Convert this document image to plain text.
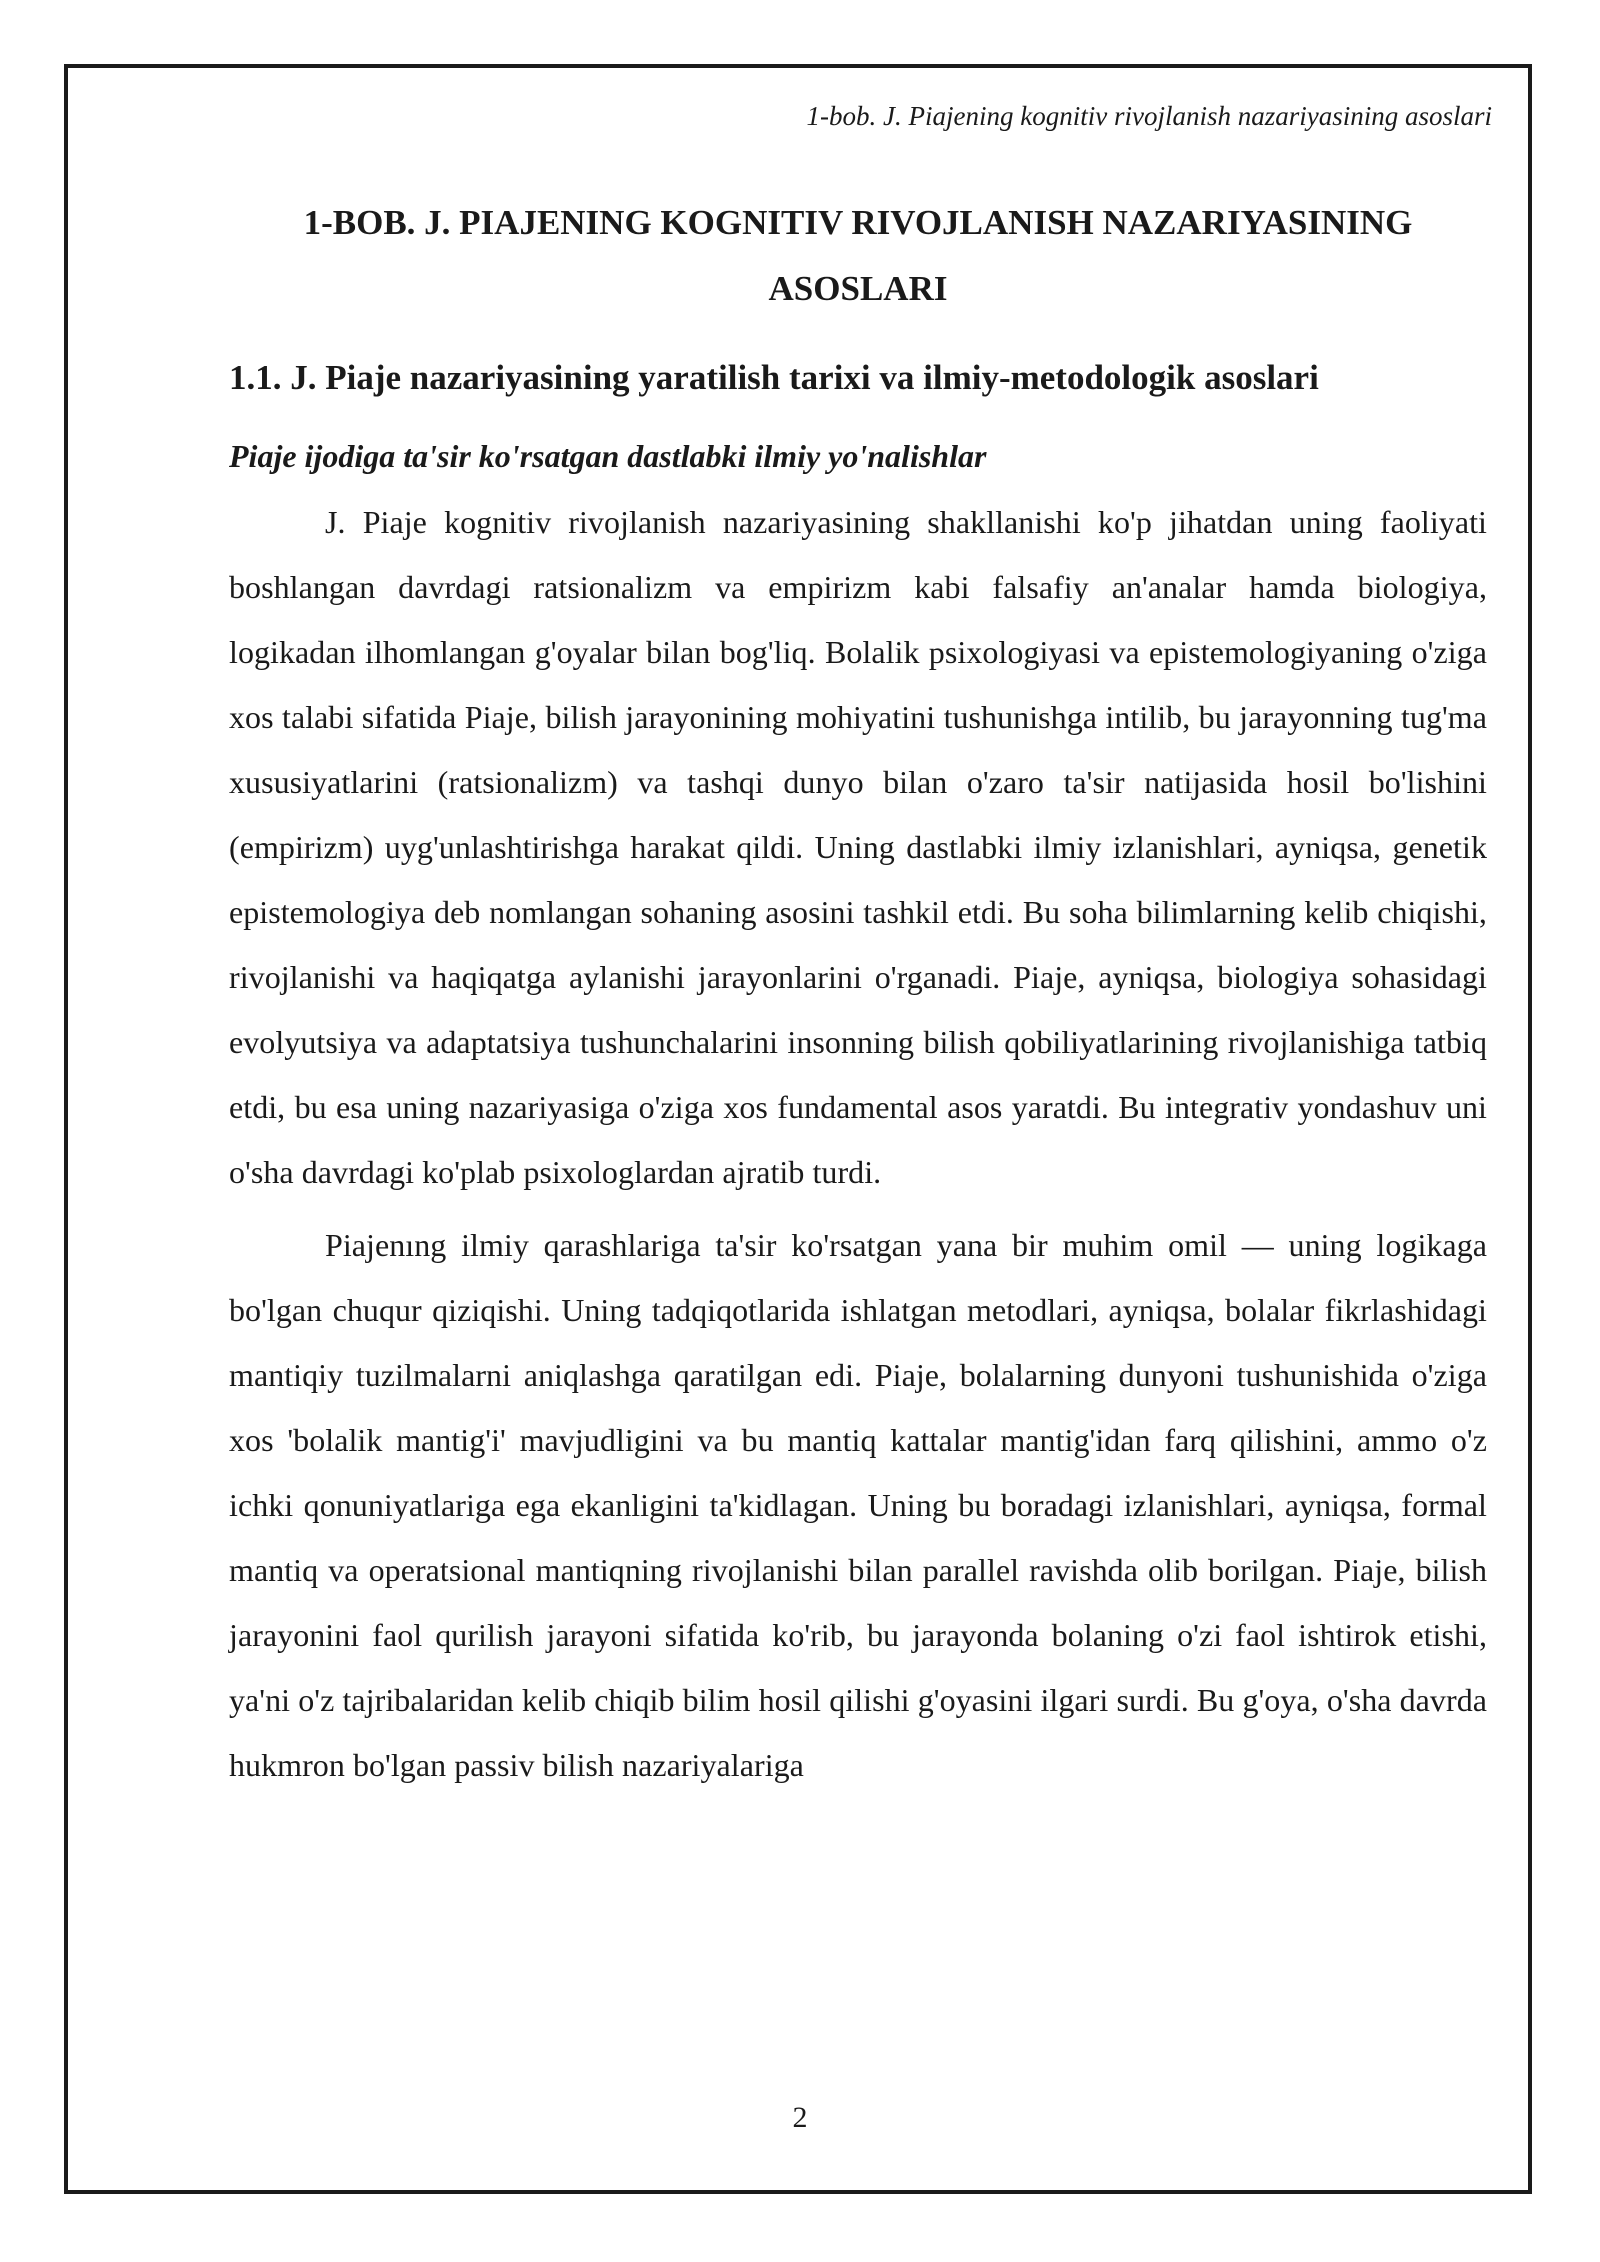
1-bob. J. Piajening kognitiv rivojlanish nazariyasining asoslari
1-BOB. J. PIAJENING KOGNITIV RIVOJLANISH NAZARIYASINING ASOSLARI
1.1. J. Piaje nazariyasining yaratilish tarixi va ilmiy-metodologik asoslari
Piaje ijodiga ta'sir ko'rsatgan dastlabki ilmiy yo'nalishlar

J. Piaje kognitiv rivojlanish nazariyasining shakllanishi ko'p jihatdan uning faoliyati boshlangan davrdagi ratsionalizm va empirizm kabi falsafiy an'analar hamda biologiya, logikadan ilhomlangan g'oyalar bilan bog'liq. Bolalik psixologiyasi va epistemologiyaning o'ziga xos talabi sifatida Piaje, bilish jarayonining mohiyatini tushunishga intilib, bu jarayonning tug'ma xususiyatlarini (ratsionalizm) va tashqi dunyo bilan o'zaro ta'sir natijasida hosil bo'lishini (empirizm) uyg'unlashtirishga harakat qildi. Uning dastlabki ilmiy izlanishlari, ayniqsa, genetik epistemologiya deb nomlangan sohaning asosini tashkil etdi. Bu soha bilimlarning kelib chiqishi, rivojlanishi va haqiqatga aylanishi jarayonlarini o'rganadi. Piaje, ayniqsa, biologiya sohasidagi evolyutsiya va adaptatsiya tushunchalarini insonning bilish qobiliyatlarining rivojlanishiga tatbiq etdi, bu esa uning nazariyasiga o'ziga xos fundamental asos yaratdi. Bu integrativ yondashuv uni o'sha davrdagi ko'plab psixologlardan ajratib turdi.

Piajenıng ilmiy qarashlariga ta'sir ko'rsatgan yana bir muhim omil — uning logikaga bo'lgan chuqur qiziqishi. Uning tadqiqotlarida ishlatgan metodlari, ayniqsa, bolalar fikrlashidagi mantiqiy tuzilmalarni aniqlashga qaratilgan edi. Piaje, bolalarning dunyoni tushunishida o'ziga xos 'bolalik mantig'i' mavjudligini va bu mantiq kattalar mantig'idan farq qilishini, ammo o'z ichki qonuniyatlariga ega ekanligini ta'kidlagan. Uning bu boradagi izlanishlari, ayniqsa, formal mantiq va operatsional mantiqning rivojlanishi bilan parallel ravishda olib borilgan. Piaje, bilish jarayonini faol qurilish jarayoni sifatida ko'rib, bu jarayonda bolaning o'zi faol ishtirok etishi, ya'ni o'z tajribalaridan kelib chiqib bilim hosil qilishi g'oyasini ilgari surdi. Bu g'oya, o'sha davrda hukmron bo'lgan passiv bilish nazariyalariga

2
